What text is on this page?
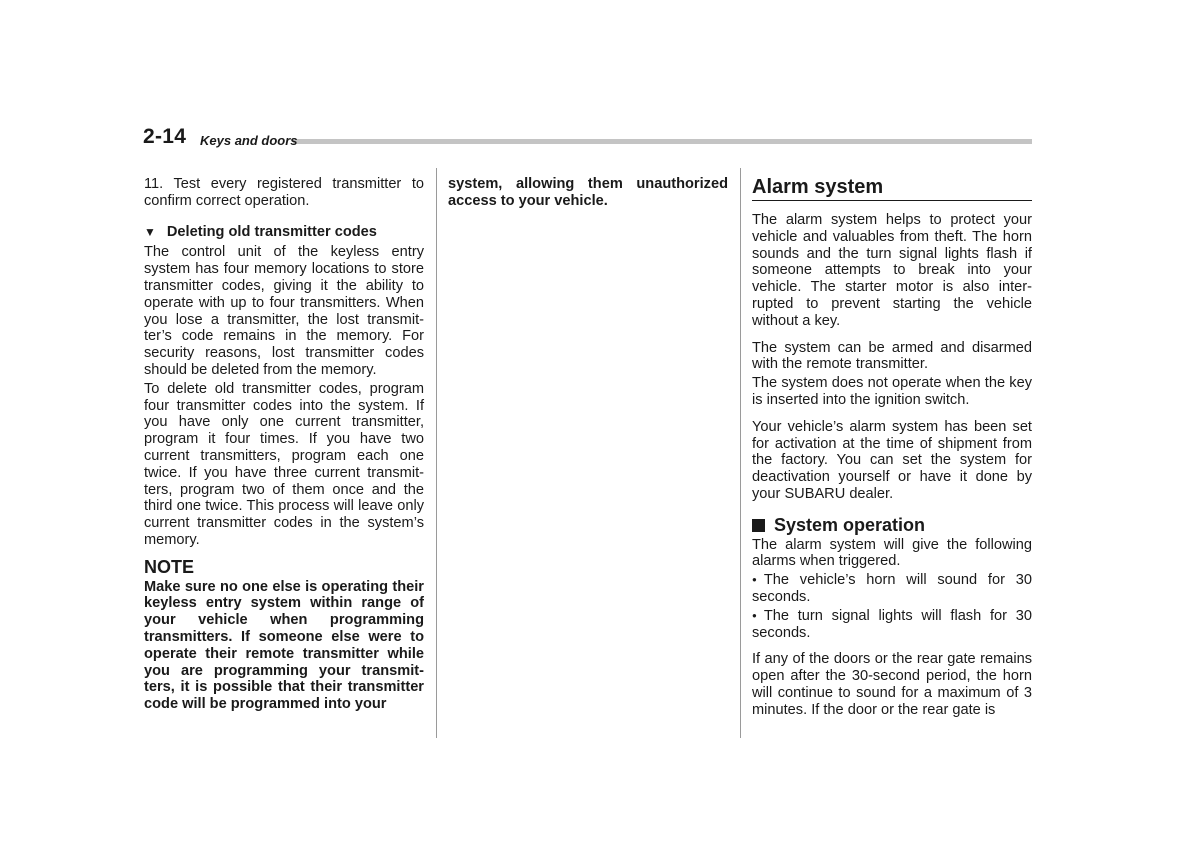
2-14 Keys and doors

11. Test every registered transmitter to confirm correct operation.

▼ Deleting old transmitter codes

The control unit of the keyless entry system has four memory locations to store transmitter codes, giving it the ability to operate with up to four transmitters. When you lose a transmitter, the lost transmit-ter’s code remains in the memory. For security reasons, lost transmitter codes should be deleted from the memory.

To delete old transmitter codes, program four transmitter codes into the system. If you have only one current transmitter, program it four times. If you have two current transmitters, program each one twice. If you have three current transmit-ters, program two of them once and the third one twice. This process will leave only current transmitter codes in the system’s memory.

NOTE

Make sure no one else is operating their keyless entry system within range of your vehicle when programming transmitters. If someone else were to operate their remote transmitter while you are programming your transmit-ters, it is possible that their transmitter code will be programmed into your

system, allowing them unauthorized access to your vehicle.

Alarm system

The alarm system helps to protect your vehicle and valuables from theft. The horn sounds and the turn signal lights flash if someone attempts to break into your vehicle. The starter motor is also inter-rupted to prevent starting the vehicle without a key.

The system can be armed and disarmed with the remote transmitter.

The system does not operate when the key is inserted into the ignition switch.

Your vehicle’s alarm system has been set for activation at the time of shipment from the factory. You can set the system for deactivation yourself or have it done by your SUBARU dealer.

System operation

The alarm system will give the following alarms when triggered.

● The vehicle’s horn will sound for 30 seconds.

● The turn signal lights will flash for 30 seconds.

If any of the doors or the rear gate remains open after the 30-second period, the horn will continue to sound for a maximum of 3 minutes. If the door or the rear gate is
